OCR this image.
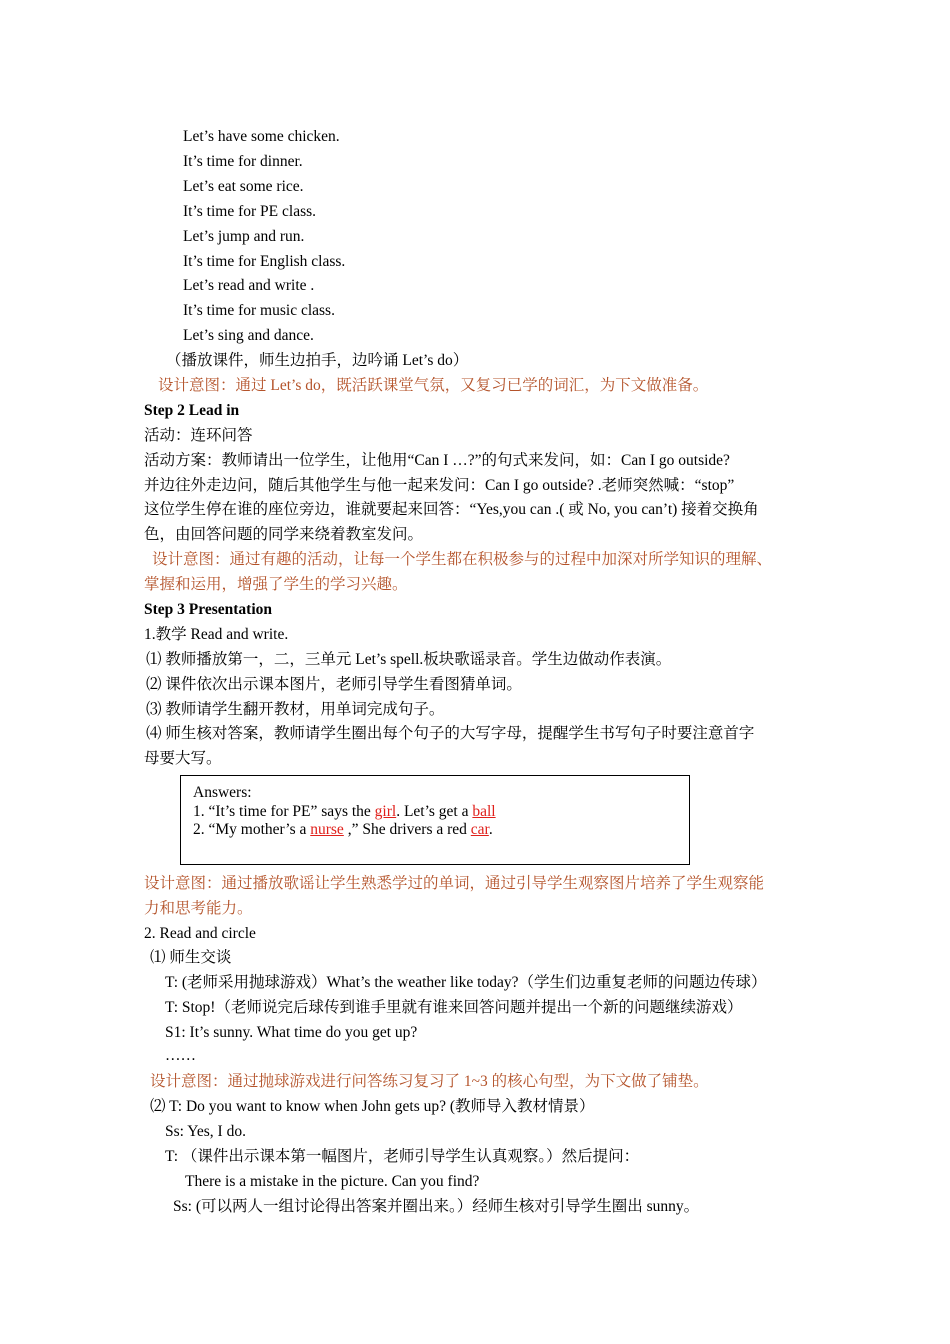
Let’s have some chicken.
It’s time for dinner.
Let’s eat some rice.
It’s time for PE class.
Let’s jump and run.
It’s time for English class.
Let’s read and write .
It’s time for music class.
Let’s sing and dance.
（播放课件，师生边拍手，边吟诵 Let’s do）
设计意图：通过 Let’s do，既活跃课堂气氛，又复习已学的词汇，为下文做准备。
Step 2 Lead in
活动：连环问答
活动方案：教师请出一位学生，让他用“Can I …?”的句式来发问，如：Can I go outside?
并边往外走边问，随后其他学生与他一起来发问：Can I go outside? .老师突然喊：“stop”
这位学生停在谁的座位旁边，谁就要起来回答：“Yes,you can .( 或 No, you can’t) 接着交换角
色，由回答问题的同学来绕着教室发问。
设计意图：通过有趣的活动，让每一个学生都在积极参与的过程中加深对所学知识的理解、
掌握和运用，增强了学生的学习兴趣。
Step 3 Presentation
1.教学 Read and write.
⑴ 教师播放第一，二，三单元 Let’s spell.板块歌谣录音。学生边做动作表演。
⑵ 课件依次出示课本图片，老师引导学生看图猜单词。
⑶ 教师请学生翻开教材，用单词完成句子。
⑷ 师生核对答案，教师请学生圈出每个句子的大写字母，提醒学生书写句子时要注意首字
母要大写。
Answers:
1. “It’s time for PE” says the girl. Let’s get a ball
2. “My mother’s a nurse ,” She drivers a red car.
设计意图：通过播放歌谣让学生熟悉学过的单词，通过引导学生观察图片培养了学生观察能
力和思考能力。
2. Read and circle
⑴ 师生交谈
T: (老师采用抛球游戏）What’s the weather like today?（学生们边重复老师的问题边传球）
T: Stop!（老师说完后球传到谁手里就有谁来回答问题并提出一个新的问题继续游戏）
S1: It’s sunny. What time do you get up?
……
设计意图：通过抛球游戏进行问答练习复习了 1~3 的核心句型，为下文做了铺垫。
⑵ T: Do you want to know when John gets up? (教师导入教材情景）
Ss: Yes, I do.
T: （课件出示课本第一幅图片，老师引导学生认真观察。）然后提问：
There is a mistake in the picture. Can you find?
Ss: (可以两人一组讨论得出答案并圈出来。）经师生核对引导学生圈出 sunny。
